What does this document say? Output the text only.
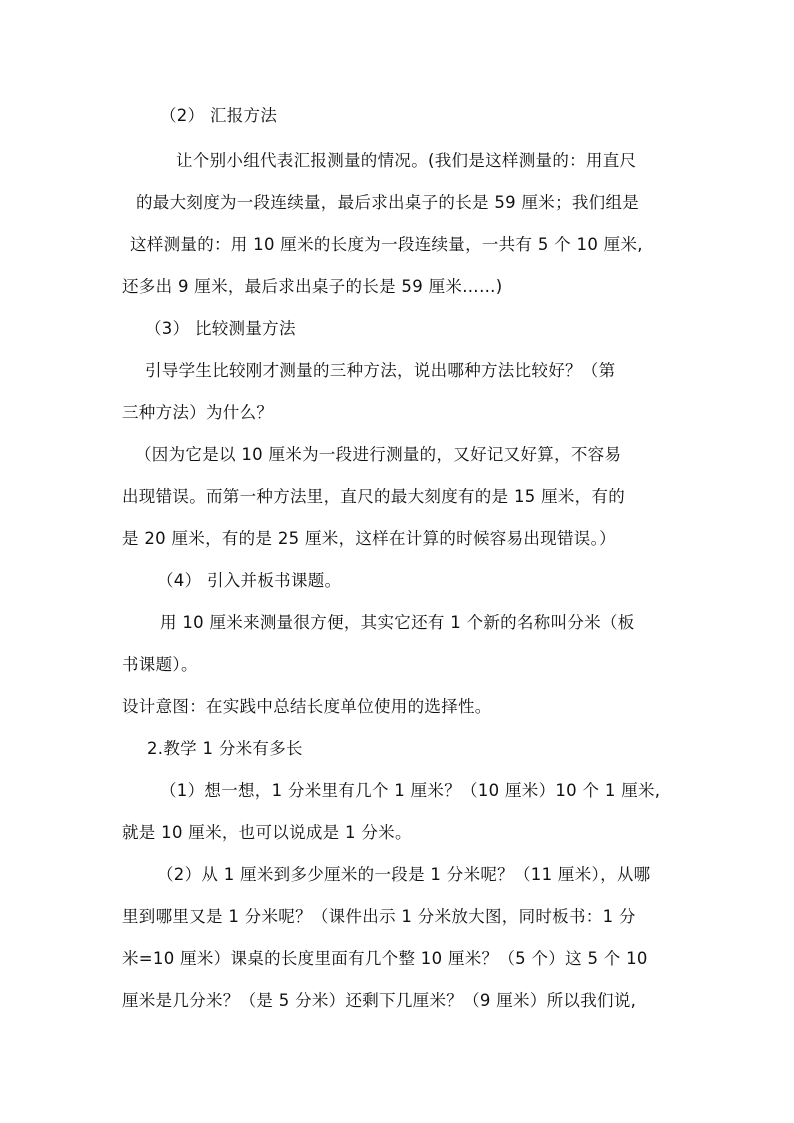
（2） 汇报方法
让个别小组代表汇报测量的情况。(我们是这样测量的：用直尺
的最大刻度为一段连续量，最后求出桌子的长是 59 厘米；我们组是
这样测量的：用 10 厘米的长度为一段连续量，一共有 5 个 10 厘米,
还多出 9 厘米，最后求出桌子的长是 59 厘米……)
（3） 比较测量方法
引导学生比较刚才测量的三种方法，说出哪种方法比较好？（第
三种方法）为什么？
（因为它是以 10 厘米为一段进行测量的，又好记又好算，不容易
出现错误。而第一种方法里，直尺的最大刻度有的是 15 厘米，有的
是 20 厘米，有的是 25 厘米，这样在计算的时候容易出现错误。）
（4） 引入并板书课题。
用 10 厘米来测量很方便，其实它还有 1 个新的名称叫分米（板
书课题）。
设计意图：在实践中总结长度单位使用的选择性。
2.教学 1 分米有多长
（1）想一想，1 分米里有几个 1 厘米？（10 厘米）10 个 1 厘米,
就是 10 厘米，也可以说成是 1 分米。
（2）从 1 厘米到多少厘米的一段是 1 分米呢？（11 厘米），从哪
里到哪里又是 1 分米呢？（课件出示 1 分米放大图，同时板书：1 分
米=10 厘米）课桌的长度里面有几个整 10 厘米？（5 个）这 5 个 10
厘米是几分米？（是 5 分米）还剩下几厘米？（9 厘米）所以我们说,
